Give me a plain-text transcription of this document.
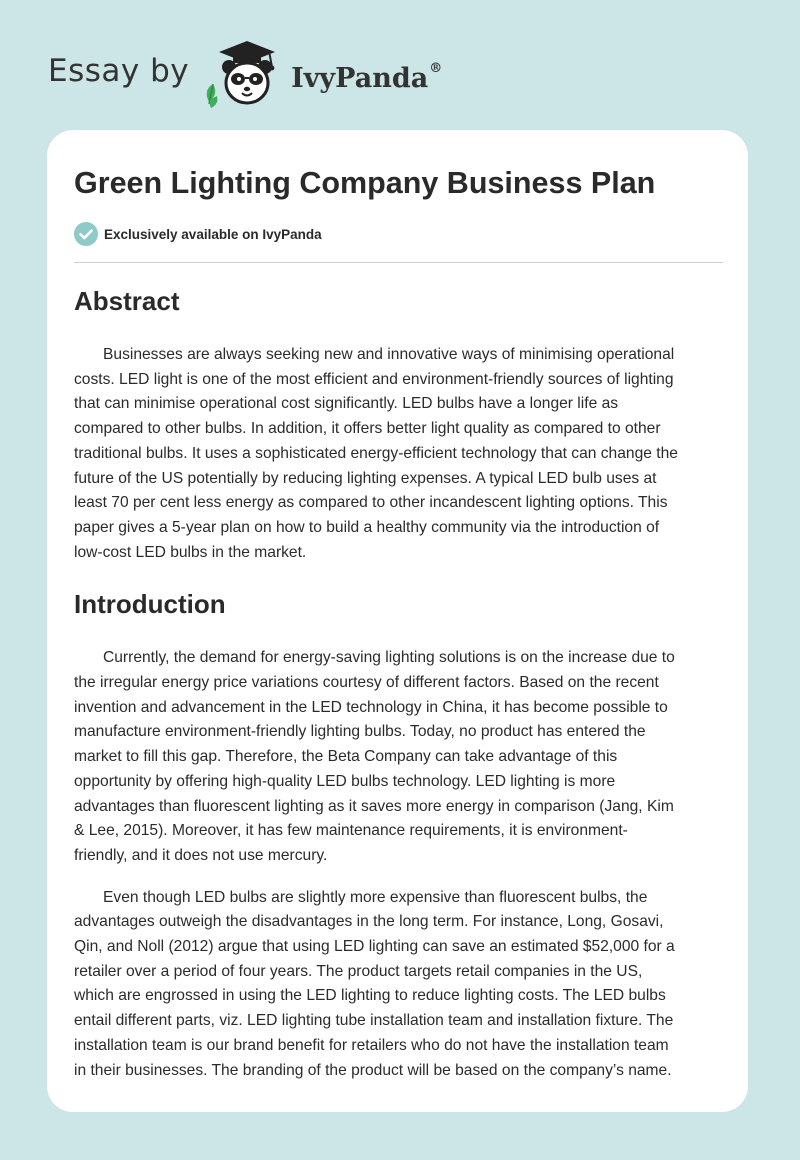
Essay by	IvyPanda®
Green Lighting Company Business Plan
Exclusively available on IvyPanda
Abstract

Businesses are always seeking new and innovative ways of minimising operational
costs. LED light is one of the most efficient and environment-friendly sources of lighting
that can minimise operational cost significantly. LED bulbs have a longer life as
compared to other bulbs. In addition, it offers better light quality as compared to other
traditional bulbs. It uses a sophisticated energy-efficient technology that can change the
future of the US potentially by reducing lighting expenses. A typical LED bulb uses at
least 70 per cent less energy as compared to other incandescent lighting options. This
paper gives a 5-year plan on how to build a healthy community via the introduction of
low-cost LED bulbs in the market.

Introduction

Currently, the demand for energy-saving lighting solutions is on the increase due to
the irregular energy price variations courtesy of different factors. Based on the recent
invention and advancement in the LED technology in China, it has become possible to
manufacture environment-friendly lighting bulbs. Today, no product has entered the
market to fill this gap. Therefore, the Beta Company can take advantage of this
opportunity by offering high-quality LED bulbs technology. LED lighting is more
advantages than fluorescent lighting as it saves more energy in comparison (Jang, Kim
& Lee, 2015). Moreover, it has few maintenance requirements, it is environment-
friendly, and it does not use mercury.

Even though LED bulbs are slightly more expensive than fluorescent bulbs, the
advantages outweigh the disadvantages in the long term. For instance, Long, Gosavi,
Qin, and Noll (2012) argue that using LED lighting can save an estimated $52,000 for a
retailer over a period of four years. The product targets retail companies in the US,
which are engrossed in using the LED lighting to reduce lighting costs. The LED bulbs
entail different parts, viz. LED lighting tube installation team and installation fixture. The
installation team is our brand benefit for retailers who do not have the installation team
in their businesses. The branding of the product will be based on the company’s name.
